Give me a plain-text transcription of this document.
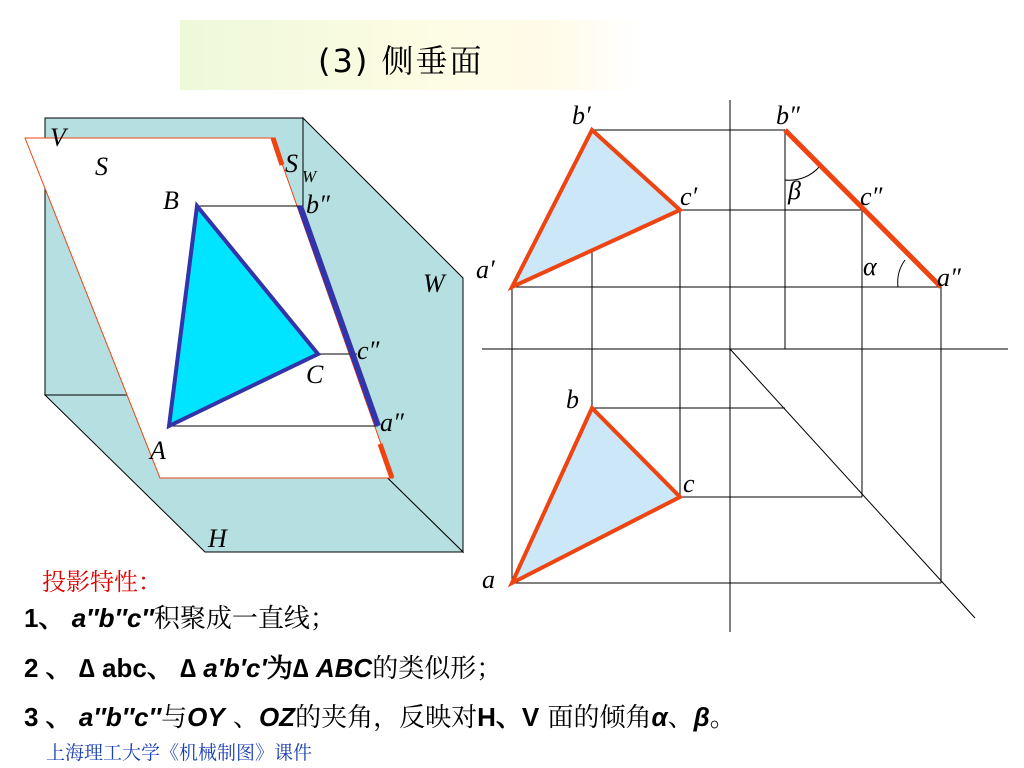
(3) 侧垂面
V
S	S W
B	b″
W
c″
C
a″
A
H
b′	b″
c′	β c″
a′	α a″
b
c
a
投影特性：
1、 a″b″c″积聚成一直线；
2 、 ∆ abc、 ∆ a′b′c′为∆ ABC的类似形；
3 、 a″b″c″与OY 、OZ的夹角，反映对H、V 面的倾角α、β。
上海理工大学《机械制图》课件
